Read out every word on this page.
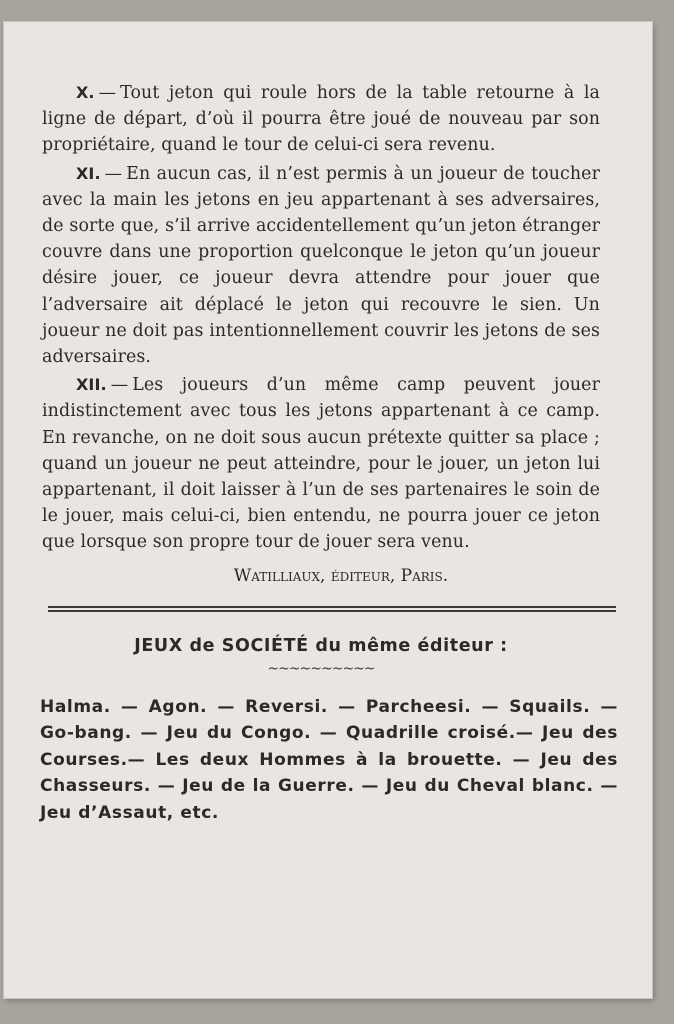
X. — Tout jeton qui roule hors de la table retourne à la ligne de départ, d’où il pourra être joué de nouveau par son propriétaire, quand le tour de celui-ci sera revenu.

XI. — En aucun cas, il n’est permis à un joueur de toucher avec la main les jetons en jeu appartenant à ses adversaires, de sorte que, s’il arrive accidentellement qu’un jeton étranger couvre dans une proportion quelconque le jeton qu’un joueur désire jouer, ce joueur devra attendre pour jouer que l’adversaire ait déplacé le jeton qui recouvre le sien. Un joueur ne doit pas intentionnellement couvrir les jetons de ses adversaires.

XII. — Les joueurs d’un même camp peuvent jouer indistinctement avec tous les jetons appartenant à ce camp. En revanche, on ne doit sous aucun prétexte quitter sa place ; quand un joueur ne peut atteindre, pour le jouer, un jeton lui appartenant, il doit laisser à l’un de ses partenaires le soin de le jouer, mais celui-ci, bien entendu, ne pourra jouer ce jeton que lorsque son propre tour de jouer sera venu.

Watilliaux, éditeur, Paris.
JEUX de SOCIÉTÉ du même éditeur :
~~~~~~~~~~
Halma. — Agon. — Reversi. — Parcheesi. — Squails. — Go-bang. — Jeu du Congo. — Quadrille croisé.— Jeu des Courses.— Les deux Hommes à la brouette. — Jeu des Chasseurs. — Jeu de la Guerre. — Jeu du Cheval blanc. — Jeu d’Assaut, etc.
